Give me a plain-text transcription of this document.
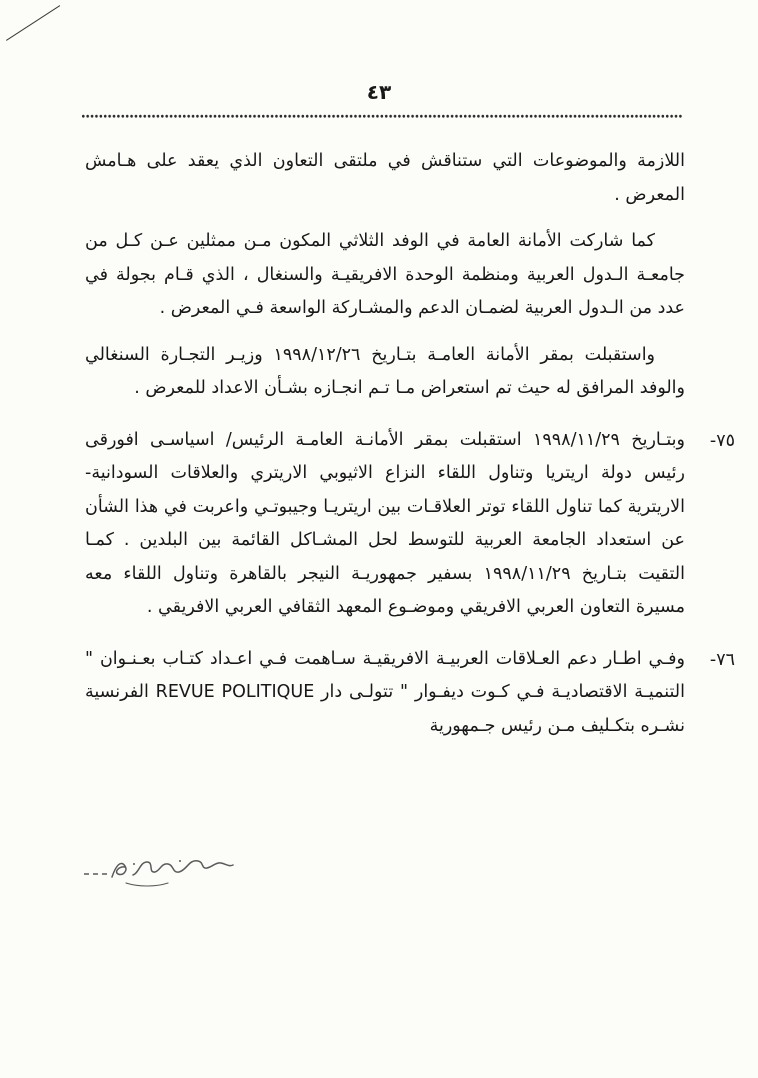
٤٣

اللازمة والموضوعات التي ستناقش في ملتقى التعاون الذي يعقد على هـامش المعرض .

كما شاركت الأمانة العامة في الوفد الثلاثي المكون مـن ممثلين عـن كـل من جامعـة الـدول العربية ومنظمة الوحدة الافريقيـة والسنغال ، الذي قـام بجولة في عدد من الـدول العربية لضمـان الدعم والمشـاركة الواسعة فـي المعرض .

واستقبلت بمقر الأمانة العامـة بتـاريخ ١٩٩٨/١٢/٢٦ وزيـر التجـارة السنغالي والوفد المرافق له حيث تم استعراض مـا تـم انجـازه بشـأن الاعداد للمعرض .

٧٥-

وبتـاريخ ١٩٩٨/١١/٢٩ استقبلت بمقر الأمانـة العامـة الرئيس/ اسياسـى افورقى رئيس دولة اريتريا وتناول اللقاء النزاع الاثيوبي الاريتري والعلاقات السودانية- الاريترية كما تناول اللقاء توتر العلاقـات بين اريتريـا وجيبوتـي واعربت في هذا الشأن عن استعداد الجامعة العربية للتوسط لحل المشـاكل القائمة بين البلدين . كمـا التقيت بتـاريخ ١٩٩٨/١١/٢٩ بسفير جمهوريـة النيجر بالقاهرة وتناول اللقاء معه مسيرة التعاون العربي الافريقي وموضـوع المعهد الثقافي العربي الافريقي .

٧٦-

وفـي اطـار دعم العـلاقات العربيـة الافريقيـة سـاهمت فـي اعـداد كتـاب بعـنـوان " التنميـة الاقتصاديـة فـي كـوت ديفـوار " تتولـى دار REVUE POLITIQUE الفرنسية نشـره بتكـليف مـن رئيس جـمهورية
